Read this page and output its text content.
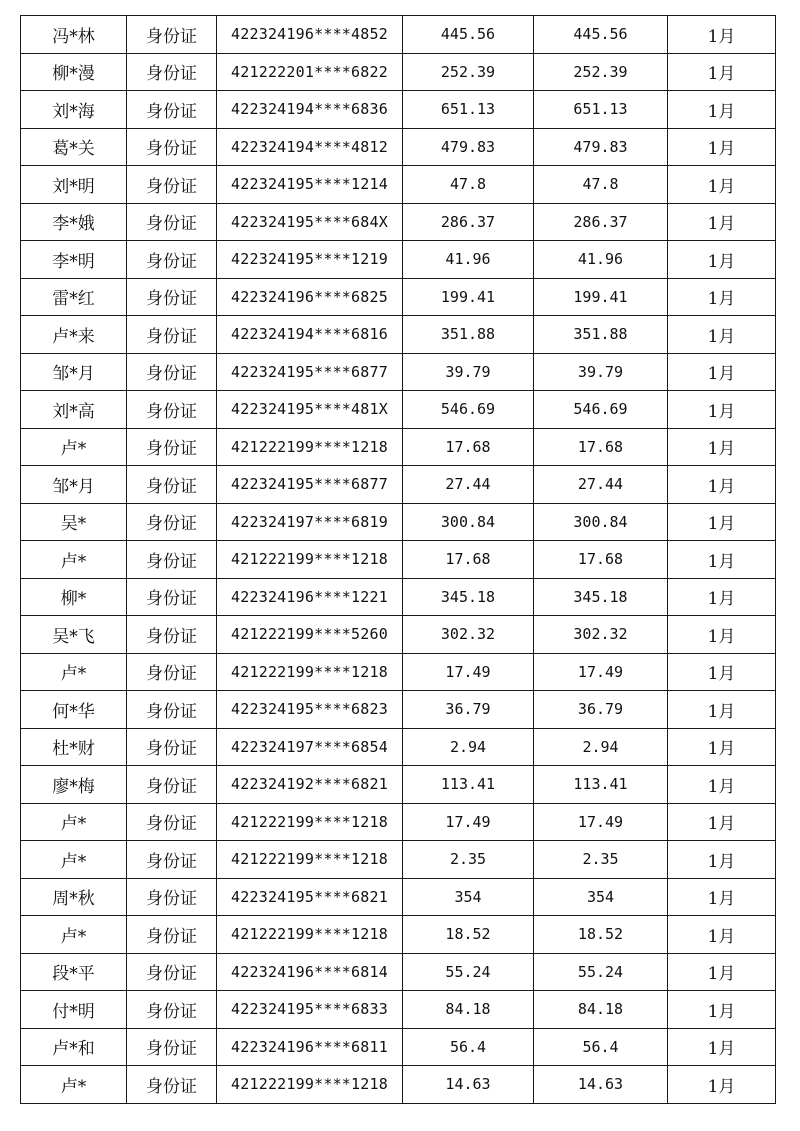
冯*林	身份证	422324196****4852	445.56	445.56	1月
柳*漫	身份证	421222201****6822	252.39	252.39	1月
刘*海	身份证	422324194****6836	651.13	651.13	1月
葛*关	身份证	422324194****4812	479.83	479.83	1月
刘*明	身份证	422324195****1214	47.8	47.8	1月
李*娥	身份证	422324195****684X	286.37	286.37	1月
李*明	身份证	422324195****1219	41.96	41.96	1月
雷*红	身份证	422324196****6825	199.41	199.41	1月
卢*来	身份证	422324194****6816	351.88	351.88	1月
邹*月	身份证	422324195****6877	39.79	39.79	1月
刘*高	身份证	422324195****481X	546.69	546.69	1月
卢*	身份证	421222199****1218	17.68	17.68	1月
邹*月	身份证	422324195****6877	27.44	27.44	1月
吴*	身份证	422324197****6819	300.84	300.84	1月
卢*	身份证	421222199****1218	17.68	17.68	1月
柳*	身份证	422324196****1221	345.18	345.18	1月
吴*飞	身份证	421222199****5260	302.32	302.32	1月
卢*	身份证	421222199****1218	17.49	17.49	1月
何*华	身份证	422324195****6823	36.79	36.79	1月
杜*财	身份证	422324197****6854	2.94	2.94	1月
廖*梅	身份证	422324192****6821	113.41	113.41	1月
卢*	身份证	421222199****1218	17.49	17.49	1月
卢*	身份证	421222199****1218	2.35	2.35	1月
周*秋	身份证	422324195****6821	354	354	1月
卢*	身份证	421222199****1218	18.52	18.52	1月
段*平	身份证	422324196****6814	55.24	55.24	1月
付*明	身份证	422324195****6833	84.18	84.18	1月
卢*和	身份证	422324196****6811	56.4	56.4	1月
卢*	身份证	421222199****1218	14.63	14.63	1月
